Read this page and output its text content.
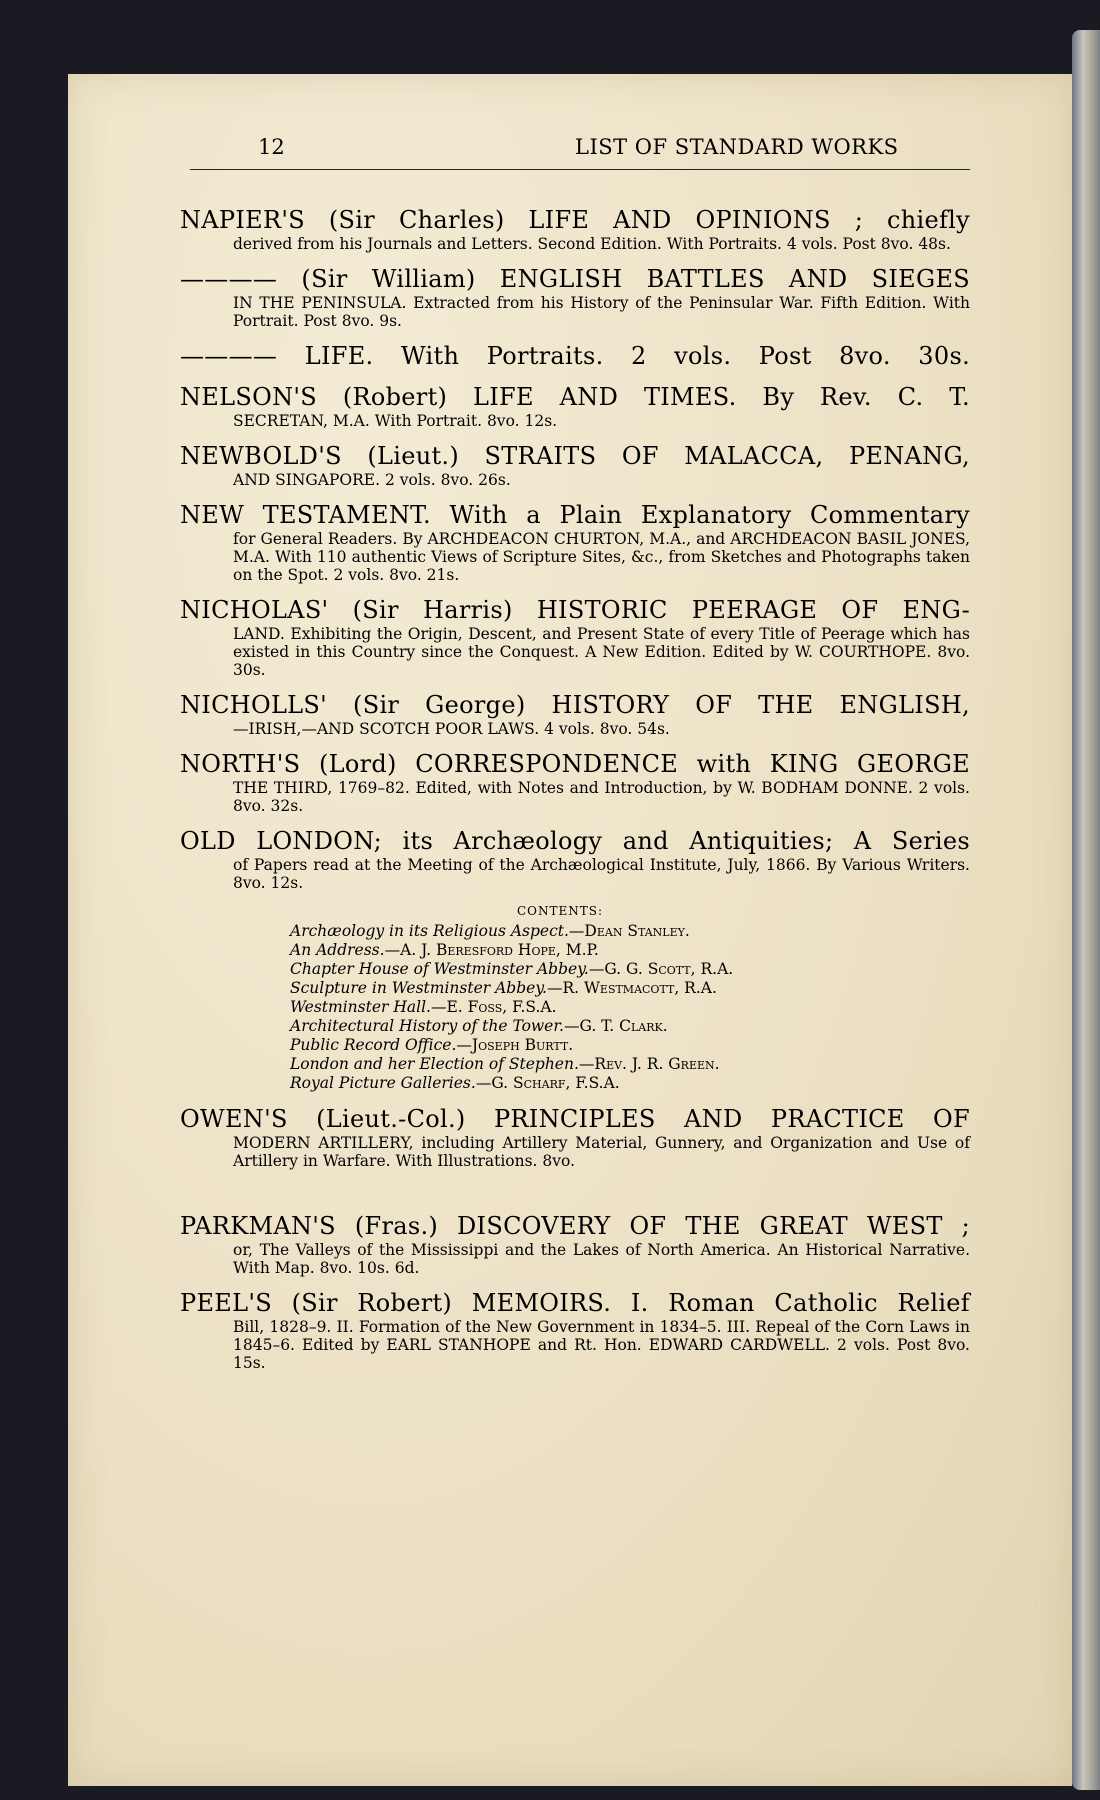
12	LIST OF STANDARD WORKS
NAPIER'S (Sir Charles) LIFE AND OPINIONS ; chiefly
derived from his Journals and Letters. Second Edition. With Portraits. 4 vols. Post 8vo. 48s.
———— (Sir William) ENGLISH BATTLES AND SIEGES
IN THE PENINSULA. Extracted from his History of the Peninsular War. Fifth Edition. With Portrait. Post 8vo. 9s.
———— LIFE. With Portraits. 2 vols. Post 8vo. 30s.
NELSON'S (Robert) LIFE AND TIMES. By Rev. C. T.
SECRETAN, M.A. With Portrait. 8vo. 12s.
NEWBOLD'S (Lieut.) STRAITS OF MALACCA, PENANG,
AND SINGAPORE. 2 vols. 8vo. 26s.
NEW TESTAMENT. With a Plain Explanatory Commentary
for General Readers. By ARCHDEACON CHURTON, M.A., and ARCHDEACON BASIL JONES, M.A. With 110 authentic Views of Scripture Sites, &c., from Sketches and Photographs taken on the Spot. 2 vols. 8vo. 21s.
NICHOLAS' (Sir Harris) HISTORIC PEERAGE OF ENG-
LAND. Exhibiting the Origin, Descent, and Present State of every Title of Peerage which has existed in this Country since the Conquest. A New Edition. Edited by W. COURTHOPE. 8vo. 30s.
NICHOLLS' (Sir George) HISTORY OF THE ENGLISH,
—IRISH,—AND SCOTCH POOR LAWS. 4 vols. 8vo. 54s.
NORTH'S (Lord) CORRESPONDENCE with KING GEORGE
THE THIRD, 1769–82. Edited, with Notes and Introduction, by W. BODHAM DONNE. 2 vols. 8vo. 32s.
OLD LONDON; its Archæology and Antiquities; A Series
of Papers read at the Meeting of the Archæological Institute, July, 1866. By Various Writers. 8vo. 12s.
CONTENTS:
Archæology in its Religious Aspect.—Dean Stanley.
An Address.—A. J. Beresford Hope, M.P.
Chapter House of Westminster Abbey.—G. G. Scott, R.A.
Sculpture in Westminster Abbey.—R. Westmacott, R.A.
Westminster Hall.—E. Foss, F.S.A.
Architectural History of the Tower.—G. T. Clark.
Public Record Office.—Joseph Burtt.
London and her Election of Stephen.—Rev. J. R. Green.
Royal Picture Galleries.—G. Scharf, F.S.A.
OWEN'S (Lieut.-Col.) PRINCIPLES AND PRACTICE OF
MODERN ARTILLERY, including Artillery Material, Gunnery, and Organization and Use of Artillery in Warfare. With Illustrations. 8vo.
PARKMAN'S (Fras.) DISCOVERY OF THE GREAT WEST ;
or, The Valleys of the Mississippi and the Lakes of North America. An Historical Narrative. With Map. 8vo. 10s. 6d.
PEEL'S (Sir Robert) MEMOIRS. I. Roman Catholic Relief
Bill, 1828–9. II. Formation of the New Government in 1834–5. III. Repeal of the Corn Laws in 1845–6. Edited by EARL STANHOPE and Rt. Hon. EDWARD CARDWELL. 2 vols. Post 8vo. 15s.
